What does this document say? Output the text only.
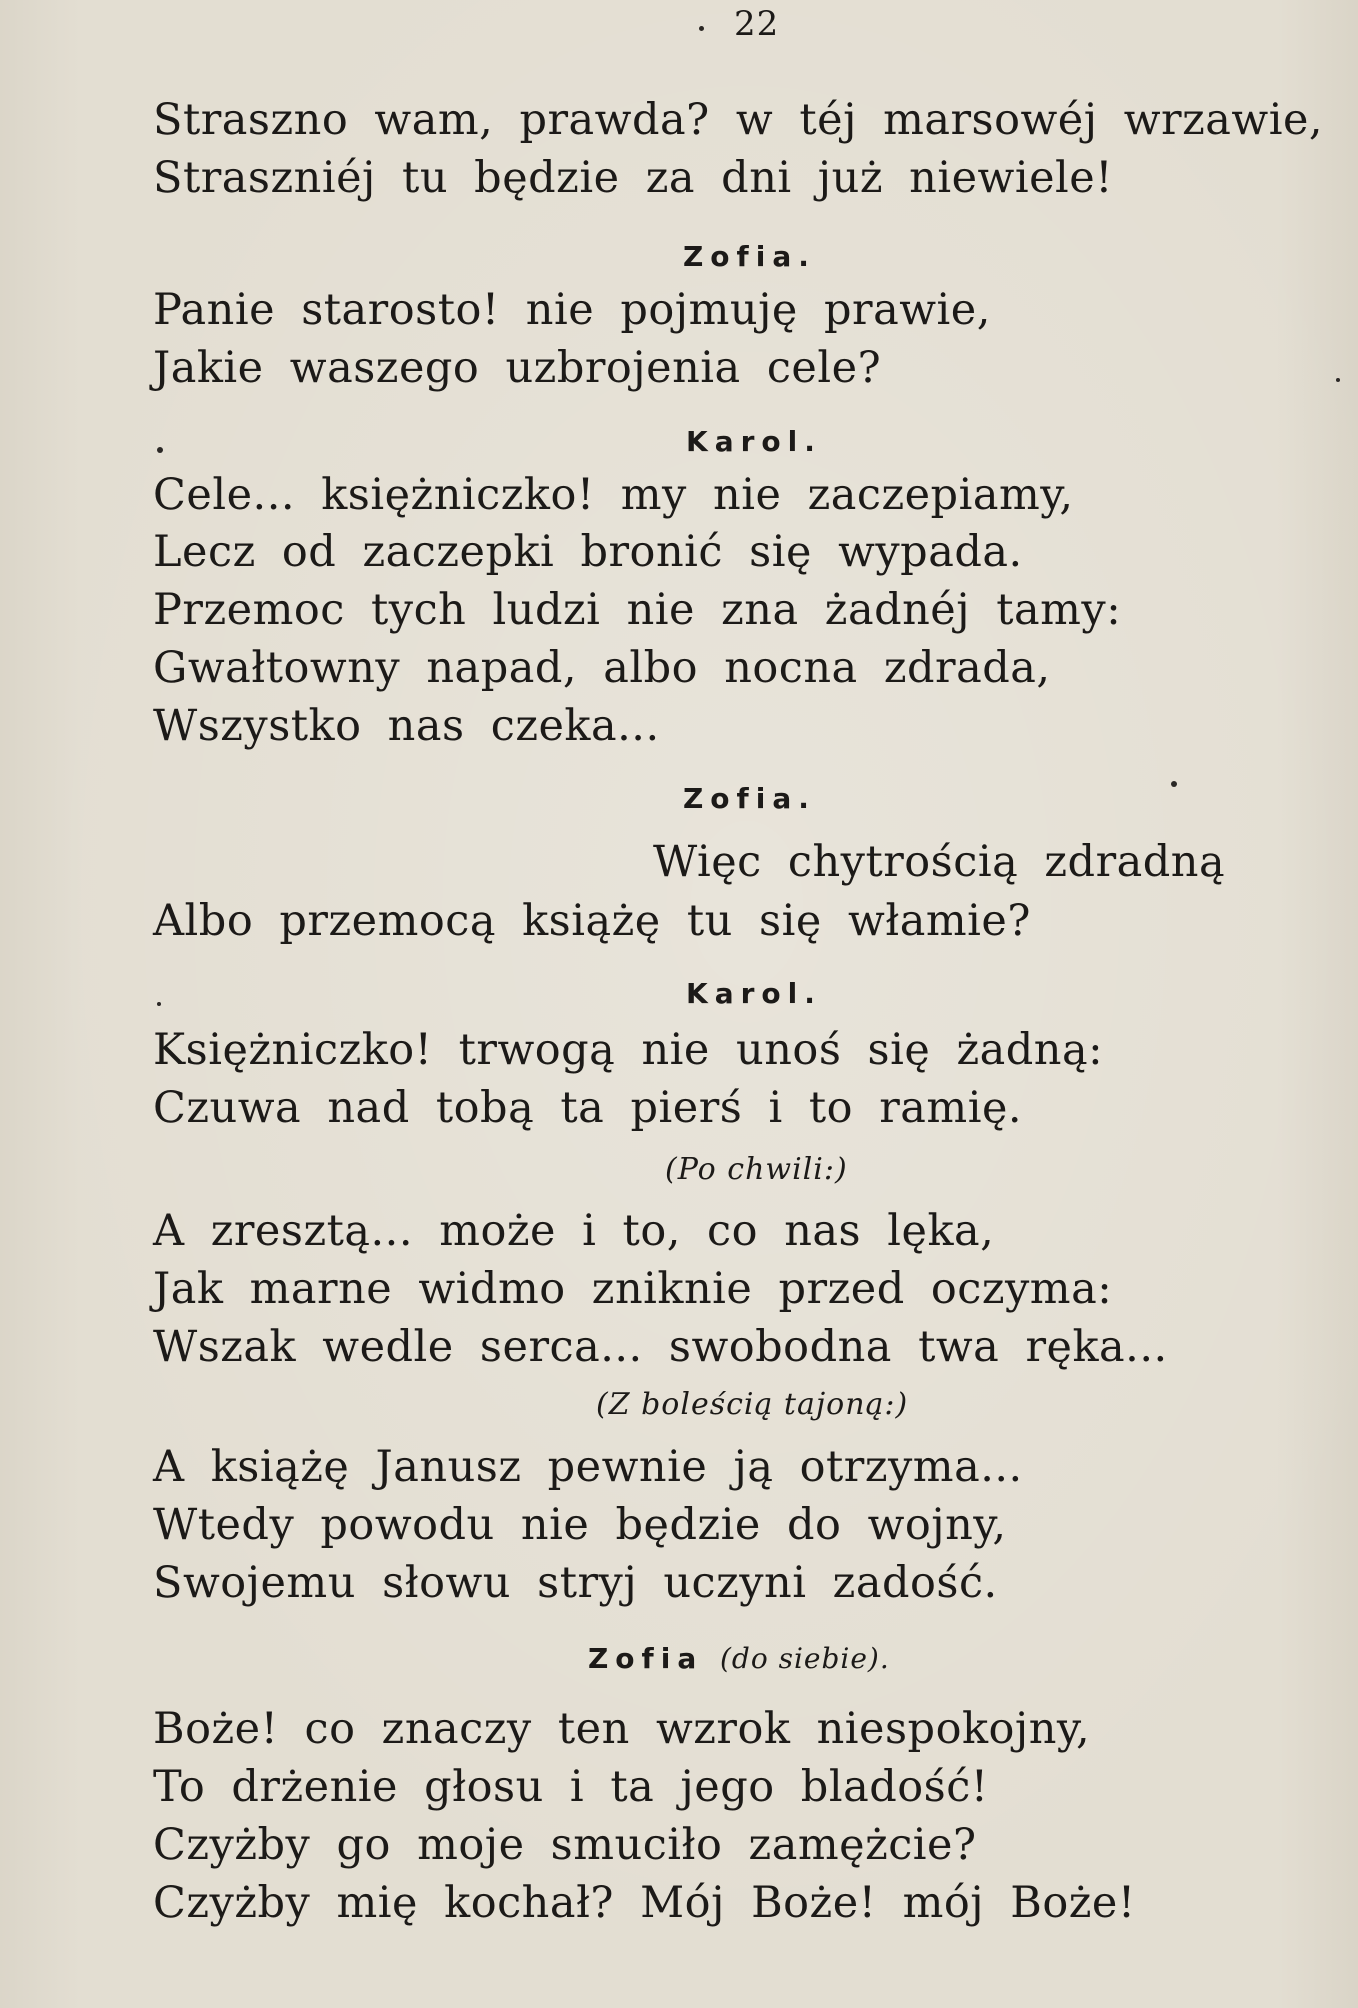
22
Straszno wam, prawda? w téj marsowéj wrzawie,
Straszniéj tu będzie za dni już niewiele!
Zofia.
Panie starosto! nie pojmuję prawie,
Jakie waszego uzbrojenia cele?
Karol.
Cele... księżniczko! my nie zaczepiamy,
Lecz od zaczepki bronić się wypada.
Przemoc tych ludzi nie zna żadnéj tamy:
Gwałtowny napad, albo nocna zdrada,
Wszystko nas czeka...
Zofia.
Więc chytrością zdradną
Albo przemocą książę tu się włamie?
Karol.
Księżniczko! trwogą nie unoś się żadną:
Czuwa nad tobą ta pierś i to ramię.
(Po chwili:)
A zresztą... może i to, co nas lęka,
Jak marne widmo zniknie przed oczyma:
Wszak wedle serca... swobodna twa ręka...
(Z boleścią tajoną:)
A książę Janusz pewnie ją otrzyma...
Wtedy powodu nie będzie do wojny,
Swojemu słowu stryj uczyni zadość.
Zofia (do siebie).
Boże! co znaczy ten wzrok niespokojny,
To drżenie głosu i ta jego bladość!
Czyżby go moje smuciło zamężcie?
Czyżby mię kochał? Mój Boże! mój Boże!
